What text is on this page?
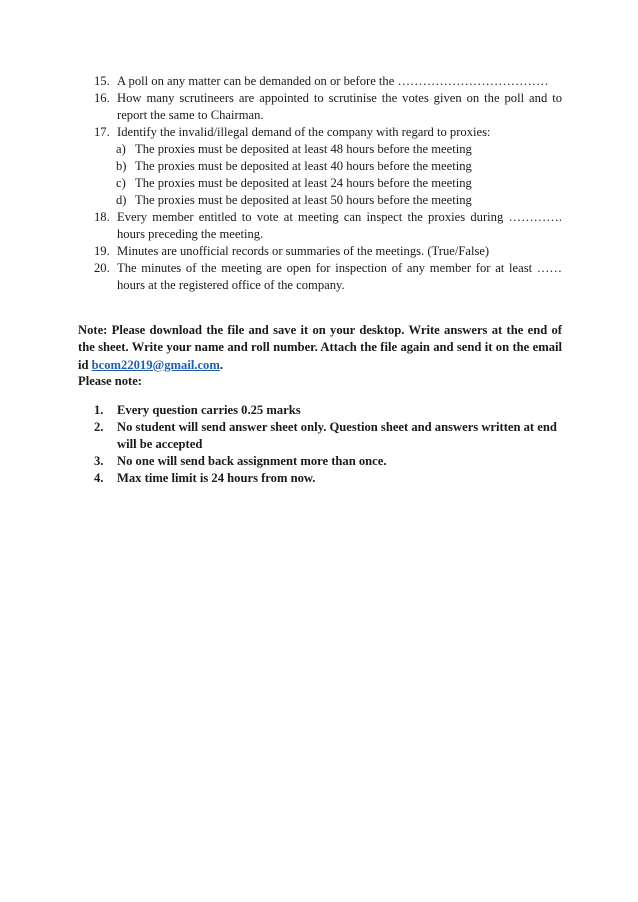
15. A poll on any matter can be demanded on or before the ………………………………
16. How many scrutineers are appointed to scrutinise the votes given on the poll and to report the same to Chairman.
17. Identify the invalid/illegal demand of the company with regard to proxies:
a) The proxies must be deposited at least 48 hours before the meeting
b) The proxies must be deposited at least 40 hours before the meeting
c) The proxies must be deposited at least 24 hours before the meeting
d) The proxies must be deposited at least 50 hours before the meeting
18. Every member entitled to vote at meeting can inspect the proxies during …………. hours preceding the meeting.
19. Minutes are unofficial records or summaries of the meetings. (True/False)
20. The minutes of the meeting are open for inspection of any member for at least …… hours at the registered office of the company.

Note: Please download the file and save it on your desktop. Write answers at the end of the sheet. Write your name and roll number. Attach the file again and send it on the email id bcom22019@gmail.com.

Please note:
1. Every question carries 0.25 marks
2. No student will send answer sheet only. Question sheet and answers written at end will be accepted
3. No one will send back assignment more than once.
4. Max time limit is 24 hours from now.
